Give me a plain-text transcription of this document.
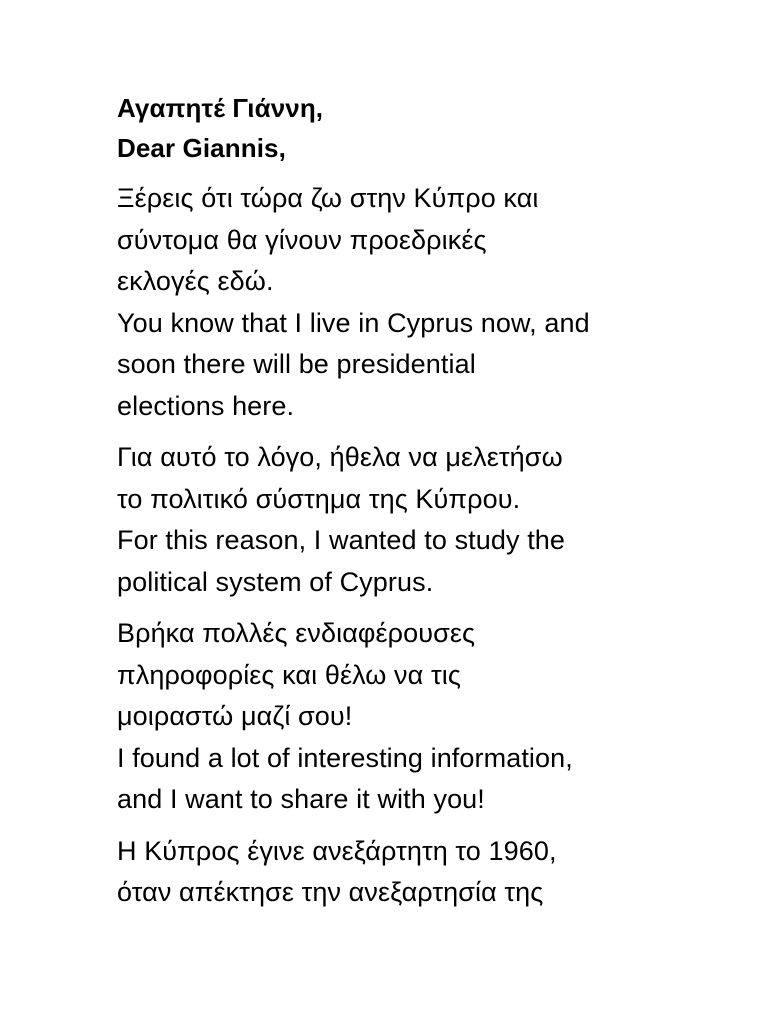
Αγαπητέ Γιάννη,

Dear Giannis,

Ξέρεις ότι τώρα ζω στην Κύπρο και
σύντομα θα γίνουν προεδρικές
εκλογές εδώ.
You know that I live in Cyprus now, and
soon there will be presidential
elections here.
Για αυτό το λόγο, ήθελα να μελετήσω
το πολιτικό σύστημα της Κύπρου.
For this reason, I wanted to study the
political system of Cyprus.
Βρήκα πολλές ενδιαφέρουσες
πληροφορίες και θέλω να τις
μοιραστώ μαζί σου!
I found a lot of interesting information,
and I want to share it with you!
Η Κύπρος έγινε ανεξάρτητη το 1960,
όταν απέκτησε την ανεξαρτησία της
